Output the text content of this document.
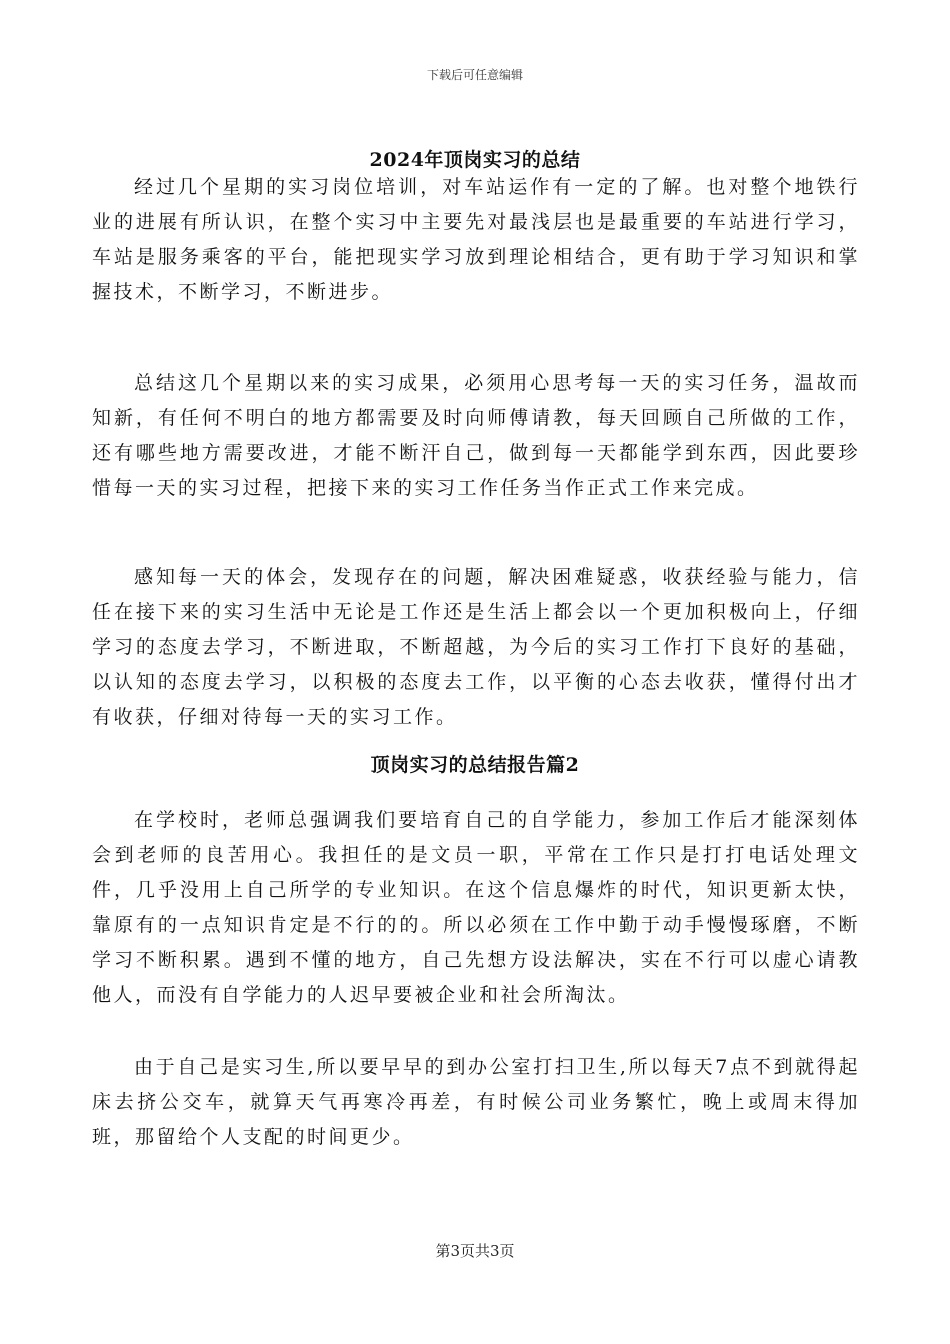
下载后可任意编辑
2024年顶岗实习的总结

经过几个星期的实习岗位培训，对车站运作有一定的了解。也对整个地铁行业的进展有所认识，在整个实习中主要先对最浅层也是最重要的车站进行学习，车站是服务乘客的平台，能把现实学习放到理论相结合，更有助于学习知识和掌握技术，不断学习，不断进步。

总结这几个星期以来的实习成果，必须用心思考每一天的实习任务，温故而知新，有任何不明白的地方都需要及时向师傅请教，每天回顾自己所做的工作，还有哪些地方需要改进，才能不断汗自己，做到每一天都能学到东西，因此要珍惜每一天的实习过程，把接下来的实习工作任务当作正式工作来完成。

感知每一天的体会，发现存在的问题，解决困难疑惑，收获经验与能力，信任在接下来的实习生活中无论是工作还是生活上都会以一个更加积极向上，仔细学习的态度去学习，不断进取，不断超越，为今后的实习工作打下良好的基础，以认知的态度去学习，以积极的态度去工作，以平衡的心态去收获，懂得付出才有收获，仔细对待每一天的实习工作。

顶岗实习的总结报告篇2

在学校时，老师总强调我们要培育自己的自学能力，参加工作后才能深刻体会到老师的良苦用心。我担任的是文员一职，平常在工作只是打打电话处理文件，几乎没用上自己所学的专业知识。在这个信息爆炸的时代，知识更新太快，靠原有的一点知识肯定是不行的的。所以必须在工作中勤于动手慢慢琢磨，不断学习不断积累。遇到不懂的地方，自己先想方设法解决，实在不行可以虚心请教他人，而没有自学能力的人迟早要被企业和社会所淘汰。

由于自己是实习生,所以要早早的到办公室打扫卫生,所以每天7点不到就得起床去挤公交车，就算天气再寒冷再差，有时候公司业务繁忙，晚上或周末得加班，那留给个人支配的时间更少。

第3页共3页
